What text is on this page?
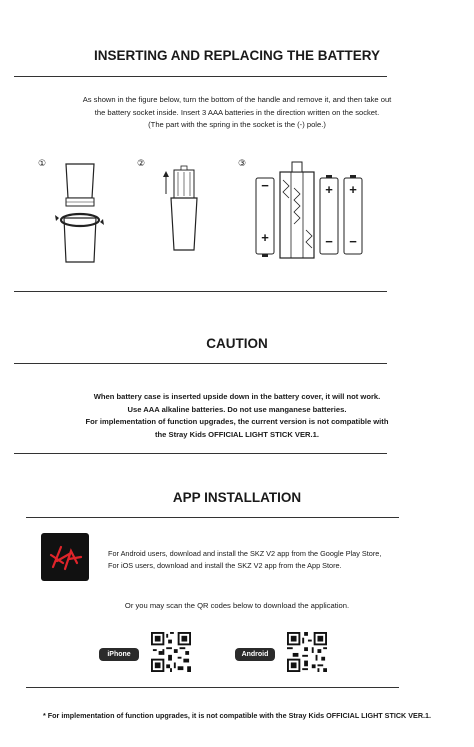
INSERTING AND REPLACING THE BATTERY
As shown in the figure below, turn the bottom of the handle and remove it, and then take out
the battery socket inside. Insert 3 AAA batteries in the direction written on the socket.
(The part with the spring in the socket is the (-) pole.)
①	②	③
−
+
+
−
+
−
CAUTION
When battery case is inserted upside down in the battery cover, it will not work.
Use AAA alkaline batteries. Do not use manganese batteries.
For implementation of function upgrades, the current version is not compatible with
the Stray Kids OFFICIAL LIGHT STICK VER.1.
APP INSTALLATION
For Android users, download and install the SKZ V2 app from the Google Play Store,
For iOS users, download and install the SKZ V2 app from the App Store.
Or you may scan the QR codes below to download the application.
iPhone	Android
* For implementation of function upgrades, it is not compatible with the Stray Kids OFFICIAL LIGHT STICK VER.1.
